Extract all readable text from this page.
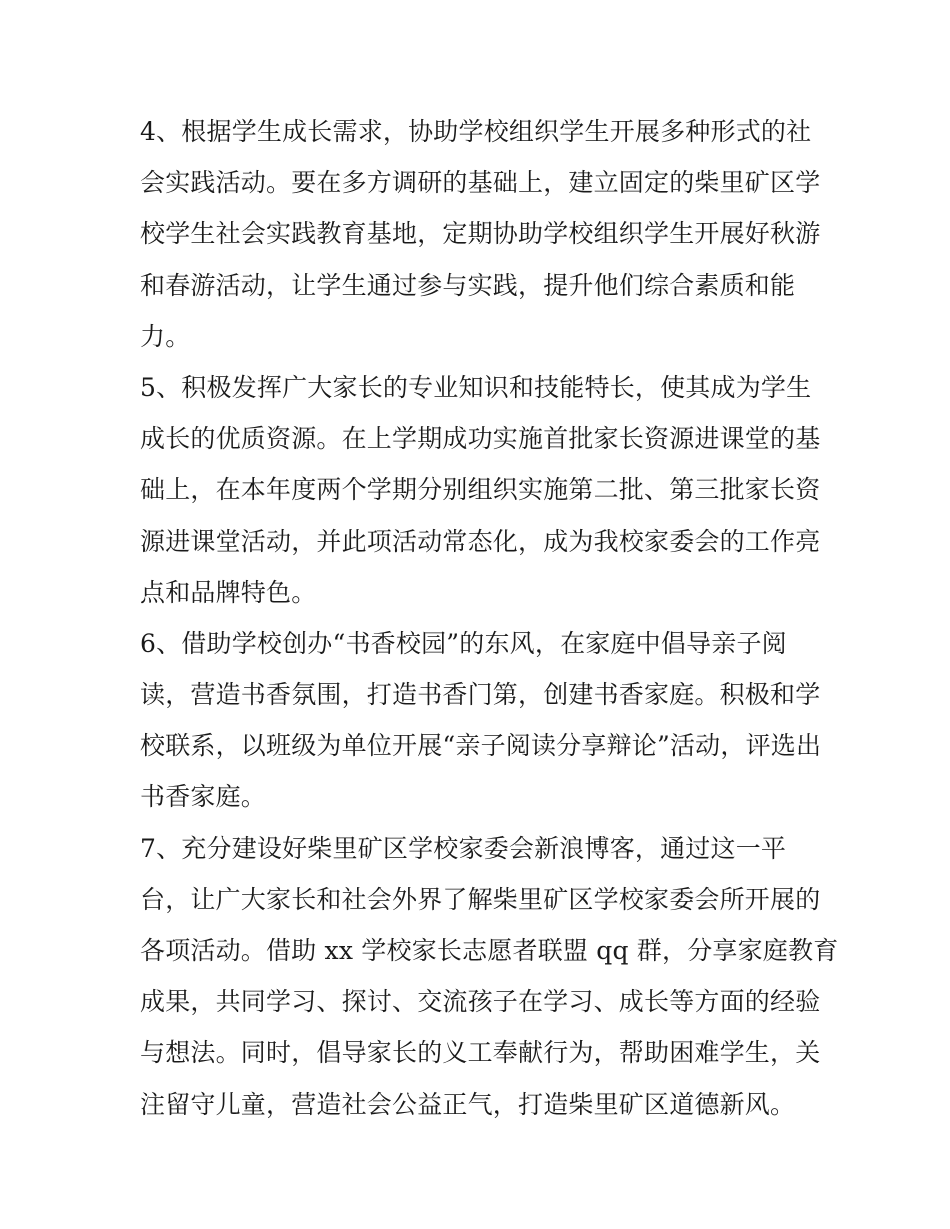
4、根据学生成长需求，协助学校组织学生开展多种形式的社
会实践活动。要在多方调研的基础上，建立固定的柴里矿区学
校学生社会实践教育基地，定期协助学校组织学生开展好秋游
和春游活动，让学生通过参与实践，提升他们综合素质和能
力。
5、积极发挥广大家长的专业知识和技能特长，使其成为学生
成长的优质资源。在上学期成功实施首批家长资源进课堂的基
础上，在本年度两个学期分别组织实施第二批、第三批家长资
源进课堂活动，并此项活动常态化，成为我校家委会的工作亮
点和品牌特色。
6、借助学校创办“书香校园”的东风，在家庭中倡导亲子阅
读，营造书香氛围，打造书香门第，创建书香家庭。积极和学
校联系，以班级为单位开展“亲子阅读分享辩论”活动，评选出
书香家庭。
7、充分建设好柴里矿区学校家委会新浪博客，通过这一平
台，让广大家长和社会外界了解柴里矿区学校家委会所开展的
各项活动。借助 xx 学校家长志愿者联盟 qq 群，分享家庭教育
成果，共同学习、探讨、交流孩子在学习、成长等方面的经验
与想法。同时，倡导家长的义工奉献行为，帮助困难学生，关
注留守儿童，营造社会公益正气，打造柴里矿区道德新风。
